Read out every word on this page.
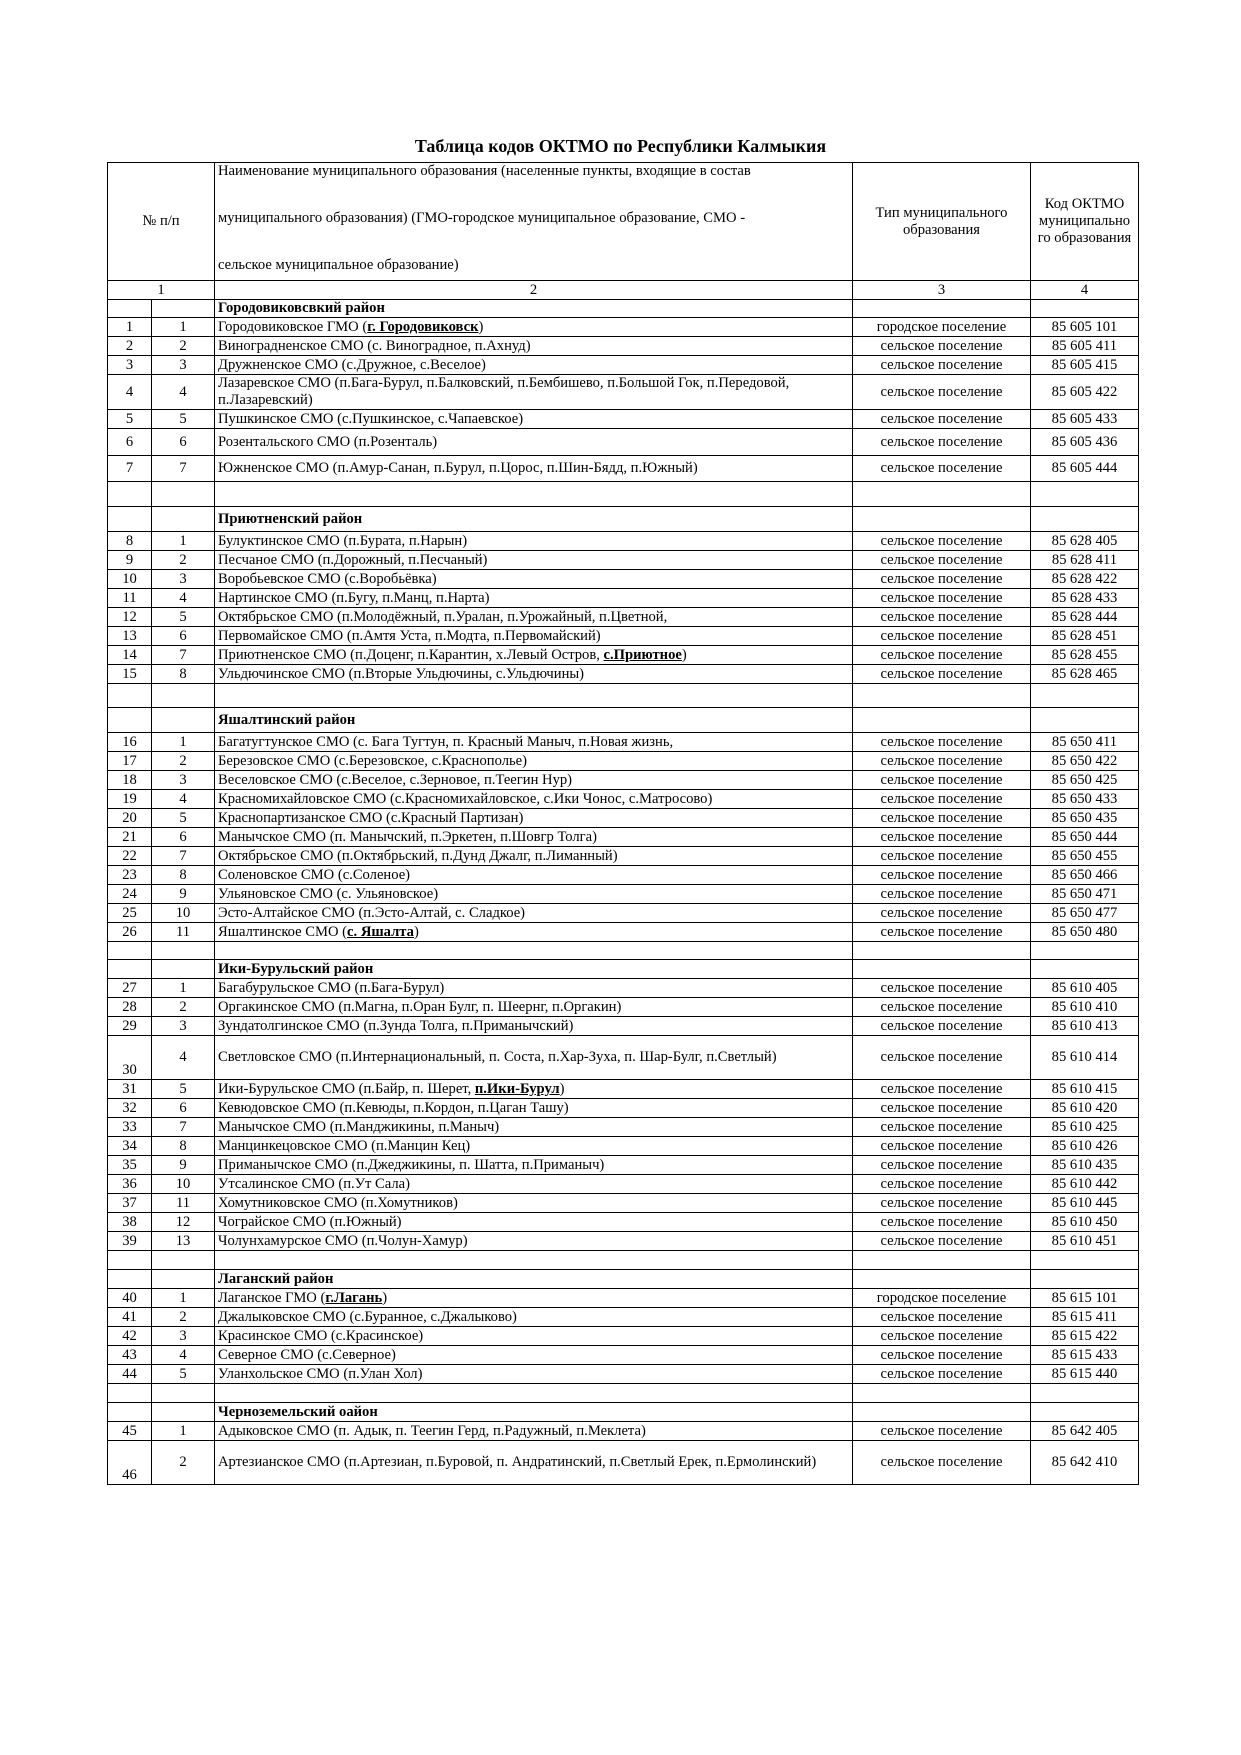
Таблица кодов ОКТМО по Республики Калмыкия
№ п/п		Наименование муниципального образования (населенные пункты, входящие в состав
муниципального образования) (ГМО-городское муниципальное образование, СМО -
сельское муниципальное образование)	Тип муниципального образования	Код ОКТМО муниципально го образования
1		2	3	4
		Городовиковсвкий район		
1	1	Городовиковское ГМО (г. Городовиковск)	городское поселение	85 605 101
2	2	Виноградненское СМО (с. Виноградное, п.Ахнуд)	сельское поселение	85 605 411
3	3	Дружненское СМО (с.Дружное, с.Веселое)	сельское поселение	85 605 415
4	4	Лазаревское СМО (п.Бага-Бурул, п.Балковский, п.Бембишево, п.Большой Гок, п.Передовой, п.Лазаревский)	сельское поселение	85 605 422
5	5	Пушкинское СМО (с.Пушкинское, с.Чапаевское)	сельское поселение	85 605 433
6	6	Розентальского СМО (п.Розенталь)	сельское поселение	85 605 436
7	7	Южненское СМО (п.Амур-Санан, п.Бурул, п.Цорос, п.Шин-Бядд, п.Южный)	сельское поселение	85 605 444

		Приютненский район		
8	1	Булуктинское СМО (п.Бурата, п.Нарын)	сельское поселение	85 628 405
9	2	Песчаное СМО (п.Дорожный, п.Песчаный)	сельское поселение	85 628 411
10	3	Воробьевское СМО (с.Воробьёвка)	сельское поселение	85 628 422
11	4	Нартинское СМО (п.Бугу, п.Манц, п.Нарта)	сельское поселение	85 628 433
12	5	Октябрьское СМО (п.Молодёжный, п.Уралан, п.Урожайный, п.Цветной,	сельское поселение	85 628 444
13	6	Первомайское СМО (п.Амтя Уста, п.Модта, п.Первомайский)	сельское поселение	85 628 451
14	7	Приютненское СМО (п.Доценг, п.Карантин, х.Левый Остров, с.Приютное)	сельское поселение	85 628 455
15	8	Ульдючинское СМО (п.Вторые Ульдючины, с.Ульдючины)	сельское поселение	85 628 465

		Яшалтинский район		
16	1	Багатугтунское СМО (с. Бага Тугтун, п. Красный Маныч, п.Новая жизнь,	сельское поселение	85 650 411
17	2	Березовское СМО (с.Березовское, с.Краснополье)	сельское поселение	85 650 422
18	3	Веселовское СМО (с.Веселое, с.Зерновое, п.Теегин Нур)	сельское поселение	85 650 425
19	4	Красномихайловское СМО (с.Красномихайловское, с.Ики Чонос, с.Матросово)	сельское поселение	85 650 433
20	5	Краснопартизанское СМО (с.Красный Партизан)	сельское поселение	85 650 435
21	6	Манычское СМО (п. Манычский, п.Эркетен, п.Шовгр Толга)	сельское поселение	85 650 444
22	7	Октябрьское СМО (п.Октябрьский, п.Дунд Джалг, п.Лиманный)	сельское поселение	85 650 455
23	8	Соленовское СМО (с.Соленое)	сельское поселение	85 650 466
24	9	Ульяновское СМО (с. Ульяновское)	сельское поселение	85 650 471
25	10	Эсто-Алтайское СМО (п.Эсто-Алтай, с. Сладкое)	сельское поселение	85 650 477
26	11	Яшалтинское СМО (с. Яшалта)	сельское поселение	85 650 480

		Ики-Бурульский район		
27	1	Багабурульское СМО (п.Бага-Бурул)	сельское поселение	85 610 405
28	2	Оргакинское СМО (п.Магна, п.Оран Булг, п. Шеернг, п.Оргакин)	сельское поселение	85 610 410
29	3	Зундатолгинское СМО (п.Зунда Толга, п.Приманычский)	сельское поселение	85 610 413
30	4	Светловское СМО (п.Интернациональный, п. Соста, п.Хар-Зуха, п. Шар-Булг, п.Светлый)	сельское поселение	85 610 414
31	5	Ики-Бурульское СМО (п.Байр, п. Шерет, п.Ики-Бурул)	сельское поселение	85 610 415
32	6	Кевюдовское СМО (п.Кевюды, п.Кордон, п.Цаган Ташу)	сельское поселение	85 610 420
33	7	Манычское СМО (п.Манджикины, п.Маныч)	сельское поселение	85 610 425
34	8	Манцинкецовское СМО (п.Манцин Кец)	сельское поселение	85 610 426
35	9	Приманычское СМО (п.Джеджикины, п. Шатта, п.Приманыч)	сельское поселение	85 610 435
36	10	Утсалинское СМО (п.Ут Сала)	сельское поселение	85 610 442
37	11	Хомутниковское СМО (п.Хомутников)	сельское поселение	85 610 445
38	12	Чограйское СМО (п.Южный)	сельское поселение	85 610 450
39	13	Чолунхамурское СМО (п.Чолун-Хамур)	сельское поселение	85 610 451

		Лаганский район		
40	1	Лаганское ГМО (г.Лагань)	городское поселение	85 615 101
41	2	Джалыковское СМО (с.Буранное, с.Джалыково)	сельское поселение	85 615 411
42	3	Красинское СМО (с.Красинское)	сельское поселение	85 615 422
43	4	Северное СМО (с.Северное)	сельское поселение	85 615 433
44	5	Уланхольское СМО (п.Улан Хол)	сельское поселение	85 615 440

		Черноземельский оайон		
45	1	Адыковское СМО (п. Адык, п. Теегин Герд, п.Радужный, п.Меклета)	сельское поселение	85 642 405
46	2	Артезианское СМО (п.Артезиан, п.Буровой, п. Андратинский, п.Светлый Ерек, п.Ермолинский)	сельское поселение	85 642 410
